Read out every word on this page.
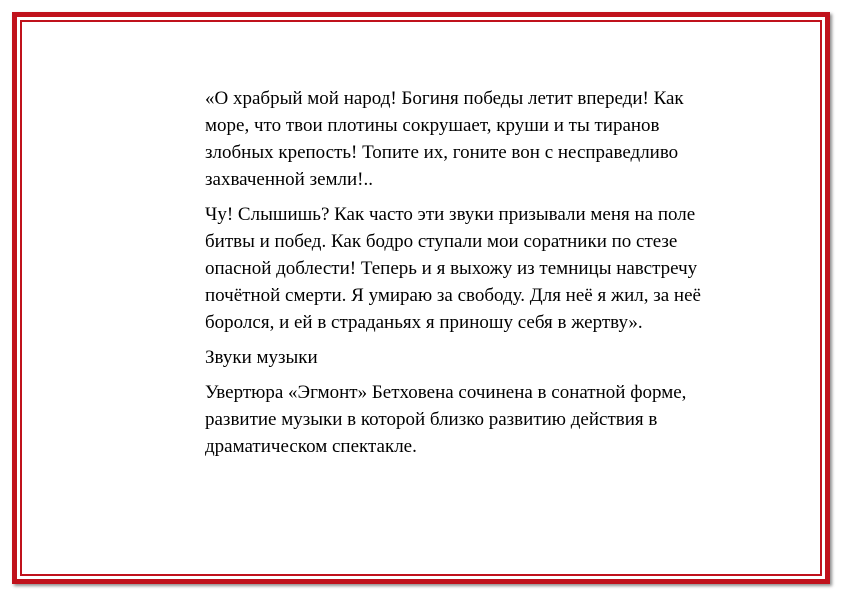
«О храбрый мой народ! Богиня победы летит впереди! Как море, что твои плотины сокрушает, круши и ты тиранов злобных крепость! Топите их, гоните вон с несправедливо захваченной земли!..

Чу! Слышишь? Как часто эти звуки призывали меня на поле битвы и побед. Как бодро ступали мои соратники по стезе опасной доблести! Теперь и я выхожу из темницы навстречу почётной смерти. Я умираю за свободу. Для неё я жил, за неё боролся, и ей в страданьях я приношу себя в жертву».

Звуки музыки

Увертюра «Эгмонт» Бетховена сочинена в сонатной форме, развитие музыки в которой близко развитию действия в драматическом спектакле.
